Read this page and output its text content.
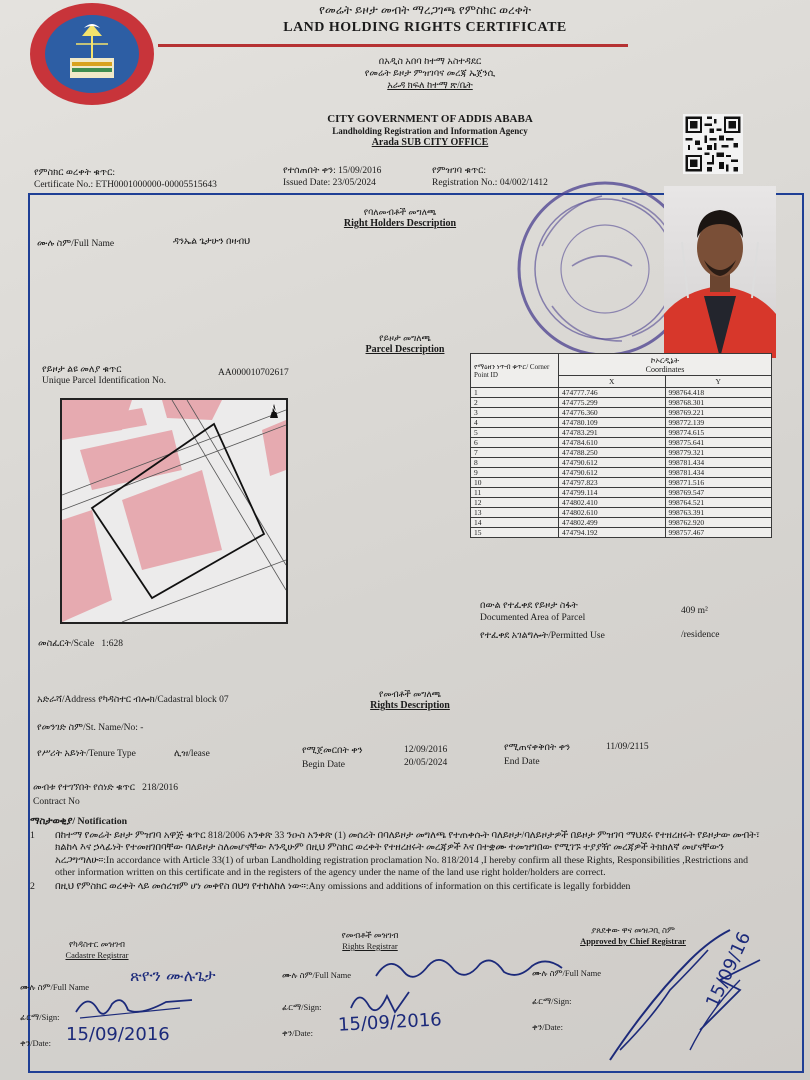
የመሬት ይዞታ መብት ማረጋገጫ የምስክር ወረቀት
LAND HOLDING RIGHTS CERTIFICATE
በአዲስ አበባ ከተማ አስተዳደር
የመሬት ይዞታ ምዝገባና መረጃ ኤጀንሲ
አራዳ ክፍለ ከተማ ጽ/ቤት
CITY GOVERNMENT OF ADDIS ABABA
Landholding Registration and Information Agency
Arada SUB CITY OFFICE
የምስክር ወረቀት ቁጥር:
Certificate No.: ETH0001000000-00005515643
የተሰጠበት ቀን: 15/09/2016
Issued Date: 23/05/2024
የምዝገባ ቁጥር:
Registration No.: 04/002/1412
የባለመብቶች መግለጫ
Right Holders Description
ሙሉ ስም/Full Name	ዳንኤል ጌታሁን በዛብህ
የይዞታ መግለጫ
Parcel Description
የይዞታ ልዩ መለያ ቁጥር
Unique Parcel Identification No.
AA000010702617
N
መስፈርት/Scale 1:628
የማዕዘን ነጥብ ቁጥር/ Corner Point ID	ኮኦርዲኔት
Coordinates	

	X	Y
1	474777.746	998764.418
2	474775.299	998768.301
3	474776.360	998769.221
4	474780.109	998772.139
5	474783.291	998774.615
6	474784.610	998775.641
7	474788.250	998779.321
8	474790.612	998781.434
9	474790.612	998781.434
10	474797.823	998771.516
11	474799.114	998769.547
12	474802.410	998764.521
13	474802.610	998763.391
14	474802.499	998762.920
15	474794.192	998757.467
በውል የተፈቀደ የይዞታ ስፋት
Documented Area of Parcel
409 m²
የተፈቀደ አገልግሎት/Permitted Use	/residence
የመብቶች መግለጫ
Rights Description
አድራሻ/Address የካዳስተር ብሎክ/Cadastral block 07
የመንገድ ስም/St. Name/No: -
የሥሪት አይነት/Tenure Type	ሊዝ/lease	የሚጀመርበት ቀን	12/09/2016
Begin Date	20/05/2024
የሚጠናቀቅበት ቀን	11/09/2115
End Date
መብቱ የተገኘበት የሰነድ ቁጥር 218/2016
Contract No
ማስታወቂያ/ Notification
1	በከተማ የመሬት ይዞታ ምዝገባ አዋጅ ቁጥር 818/2006 አንቀጽ 33 ንዑስ አንቀጽ (1) መሰረት በባለይዞታ መግለጫ የተጠቀሱት ባለይዞታ/ባለይዞታዎች በይዞታ ምዝገባ ማህደሩ የተዘረዘሩት የይዞታው መብት፣ ክልከላ እና ኃላፊነት የተመዘገበባቸው ባለይዞታ ስለመሆናቸው እንዲሁም በዚህ ምስክር ወረቀት የተዘረዘሩት መረጃዎች እና በተቋሙ ተመዝግበው የሚገኙ ተያያዥ መረጃዎች ትክክለኛ መሆናቸውን አረጋግጣለሁ።:In accordance with Article 33(1) of urban Landholding registration proclamation No. 818/2014 ,I hereby confirm all these Rights, Responsibilities ,Restrictions and other information written on this certificate and in the registers of the agency under the name of the land use right holder/holders are correct.
2	በዚህ የምስክር ወረቀት ላይ መሰረዝም ሆነ መቀየስ በህግ የተከለከለ ነው።:Any omissions and additions of information on this certificate is legally forbidden
የካዳስተር መዝገብ
Cadastre Registrar
የመብቶች መዝገብ
Rights Registrar
ያጸደቀው ዋና መዝጋቢ ስም
Approved by Chief Registrar
ሙሉ ስም/Full Name
ጽዮን ሙሉጌታ
ፊርማ/Sign:
ቀን/Date: 15/09/2016
ሙሉ ስም/Full Name
ፊርማ/Sign:
ቀን/Date: 15/09/2016
ሙሉ ስም/Full Name
ፊርማ/Sign:
ቀን/Date:
15/09/16
